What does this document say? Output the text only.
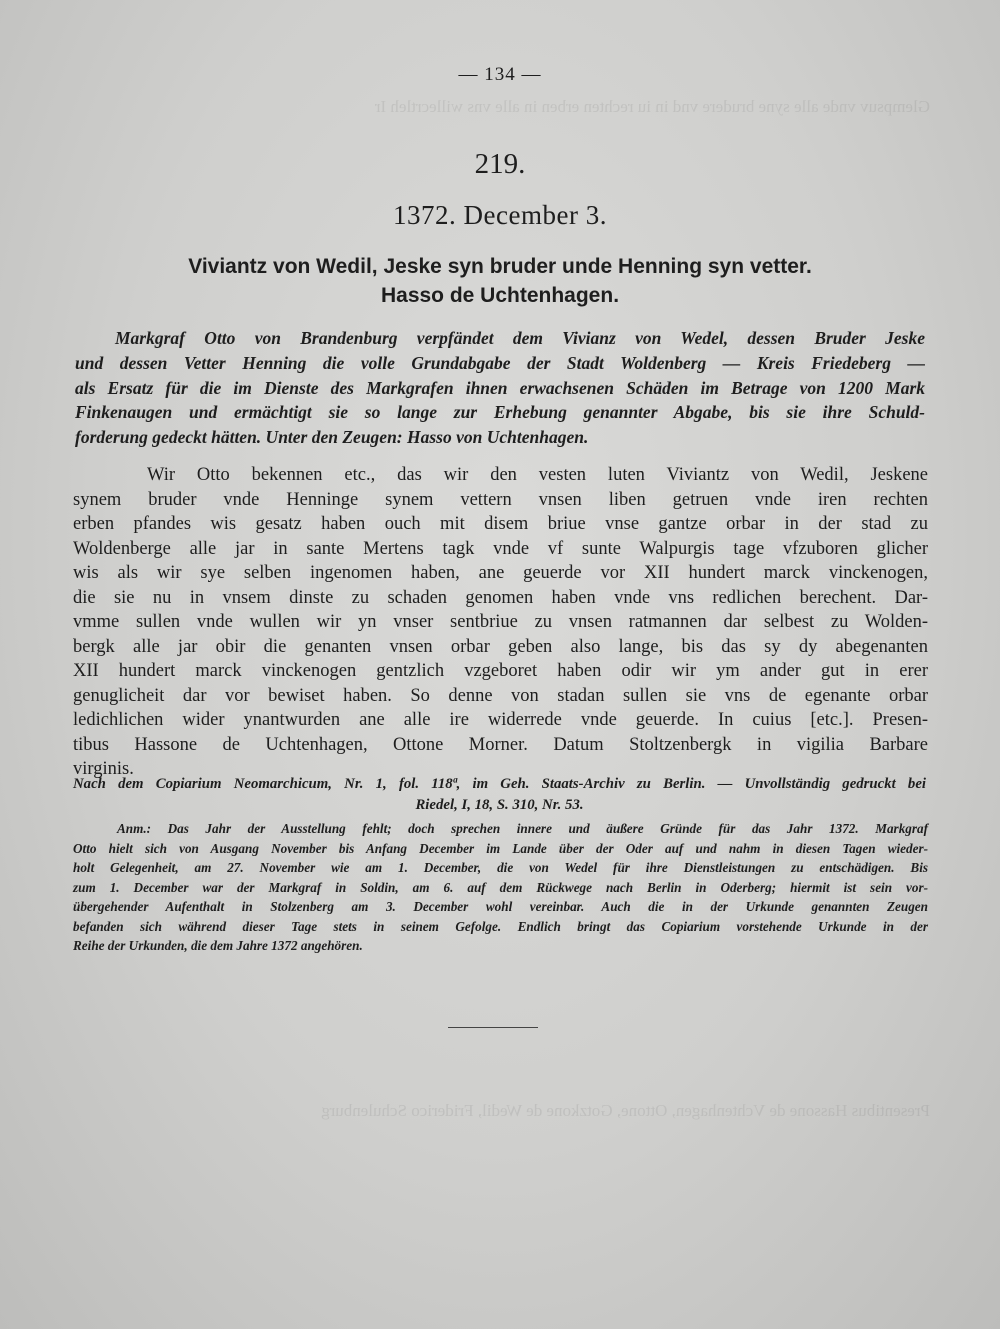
Glempsuv vnde alle syne brudere vnd in iu rechten erben in alle vns willecrtleh Ir
Presentibus Hassone de Vchtenhagen, Ottone, Gotzkone de Wedil, Friderico Schulenburg
— 134 —
219.
1372. December 3.
Viviantz von Wedil, Jeske syn bruder unde Henning syn vetter.
Hasso de Uchtenhagen.
Markgraf Otto von Brandenburg verpfändet dem Vivianz von Wedel, dessen Bruder Jeske
und dessen Vetter Henning die volle Grundabgabe der Stadt Woldenberg — Kreis Friedeberg —
als Ersatz für die im Dienste des Markgrafen ihnen erwachsenen Schäden im Betrage von 1200 Mark
Finkenaugen und ermächtigt sie so lange zur Erhebung genannter Abgabe, bis sie ihre Schuld-
forderung gedeckt hätten. Unter den Zeugen: Hasso von Uchtenhagen.
Wir Otto bekennen etc., das wir den vesten luten Viviantz von Wedil, Jeskene
synem bruder vnde Henninge synem vettern vnsen liben getruen vnde iren rechten
erben pfandes wis gesatz haben ouch mit disem briue vnse gantze orbar in der stad zu
Woldenberge alle jar in sante Mertens tagk vnde vf sunte Walpurgis tage vfzuboren glicher
wis als wir sye selben ingenomen haben, ane geuerde vor XII hundert marck vinckenogen,
die sie nu in vnsem dinste zu schaden genomen haben vnde vns redlichen berechent. Dar-
vmme sullen vnde wullen wir yn vnser sentbriue zu vnsen ratmannen dar selbest zu Wolden-
bergk alle jar obir die genanten vnsen orbar geben also lange, bis das sy dy abegenanten
XII hundert marck vinckenogen gentzlich vzgeboret haben odir wir ym ander gut in erer
genuglicheit dar vor bewiset haben. So denne von stadan sullen sie vns de egenante orbar
ledichlichen wider ynantwurden ane alle ire widerrede vnde geuerde. In cuius [etc.]. Presen-
tibus Hassone de Uchtenhagen, Ottone Morner. Datum Stoltzenbergk in vigilia Barbare
virginis.
Nach dem Copiarium Neomarchicum, Nr. 1, fol. 118ª, im Geh. Staats-Archiv zu Berlin. — Unvollständig gedruckt bei
Riedel, I, 18, S. 310, Nr. 53.
Anm.: Das Jahr der Ausstellung fehlt; doch sprechen innere und äußere Gründe für das Jahr 1372. Markgraf
Otto hielt sich von Ausgang November bis Anfang December im Lande über der Oder auf und nahm in diesen Tagen wieder-
holt Gelegenheit, am 27. November wie am 1. December, die von Wedel für ihre Dienstleistungen zu entschädigen. Bis
zum 1. December war der Markgraf in Soldin, am 6. auf dem Rückwege nach Berlin in Oderberg; hiermit ist sein vor-
übergehender Aufenthalt in Stolzenberg am 3. December wohl vereinbar. Auch die in der Urkunde genannten Zeugen
befanden sich während dieser Tage stets in seinem Gefolge. Endlich bringt das Copiarium vorstehende Urkunde in der
Reihe der Urkunden, die dem Jahre 1372 angehören.
